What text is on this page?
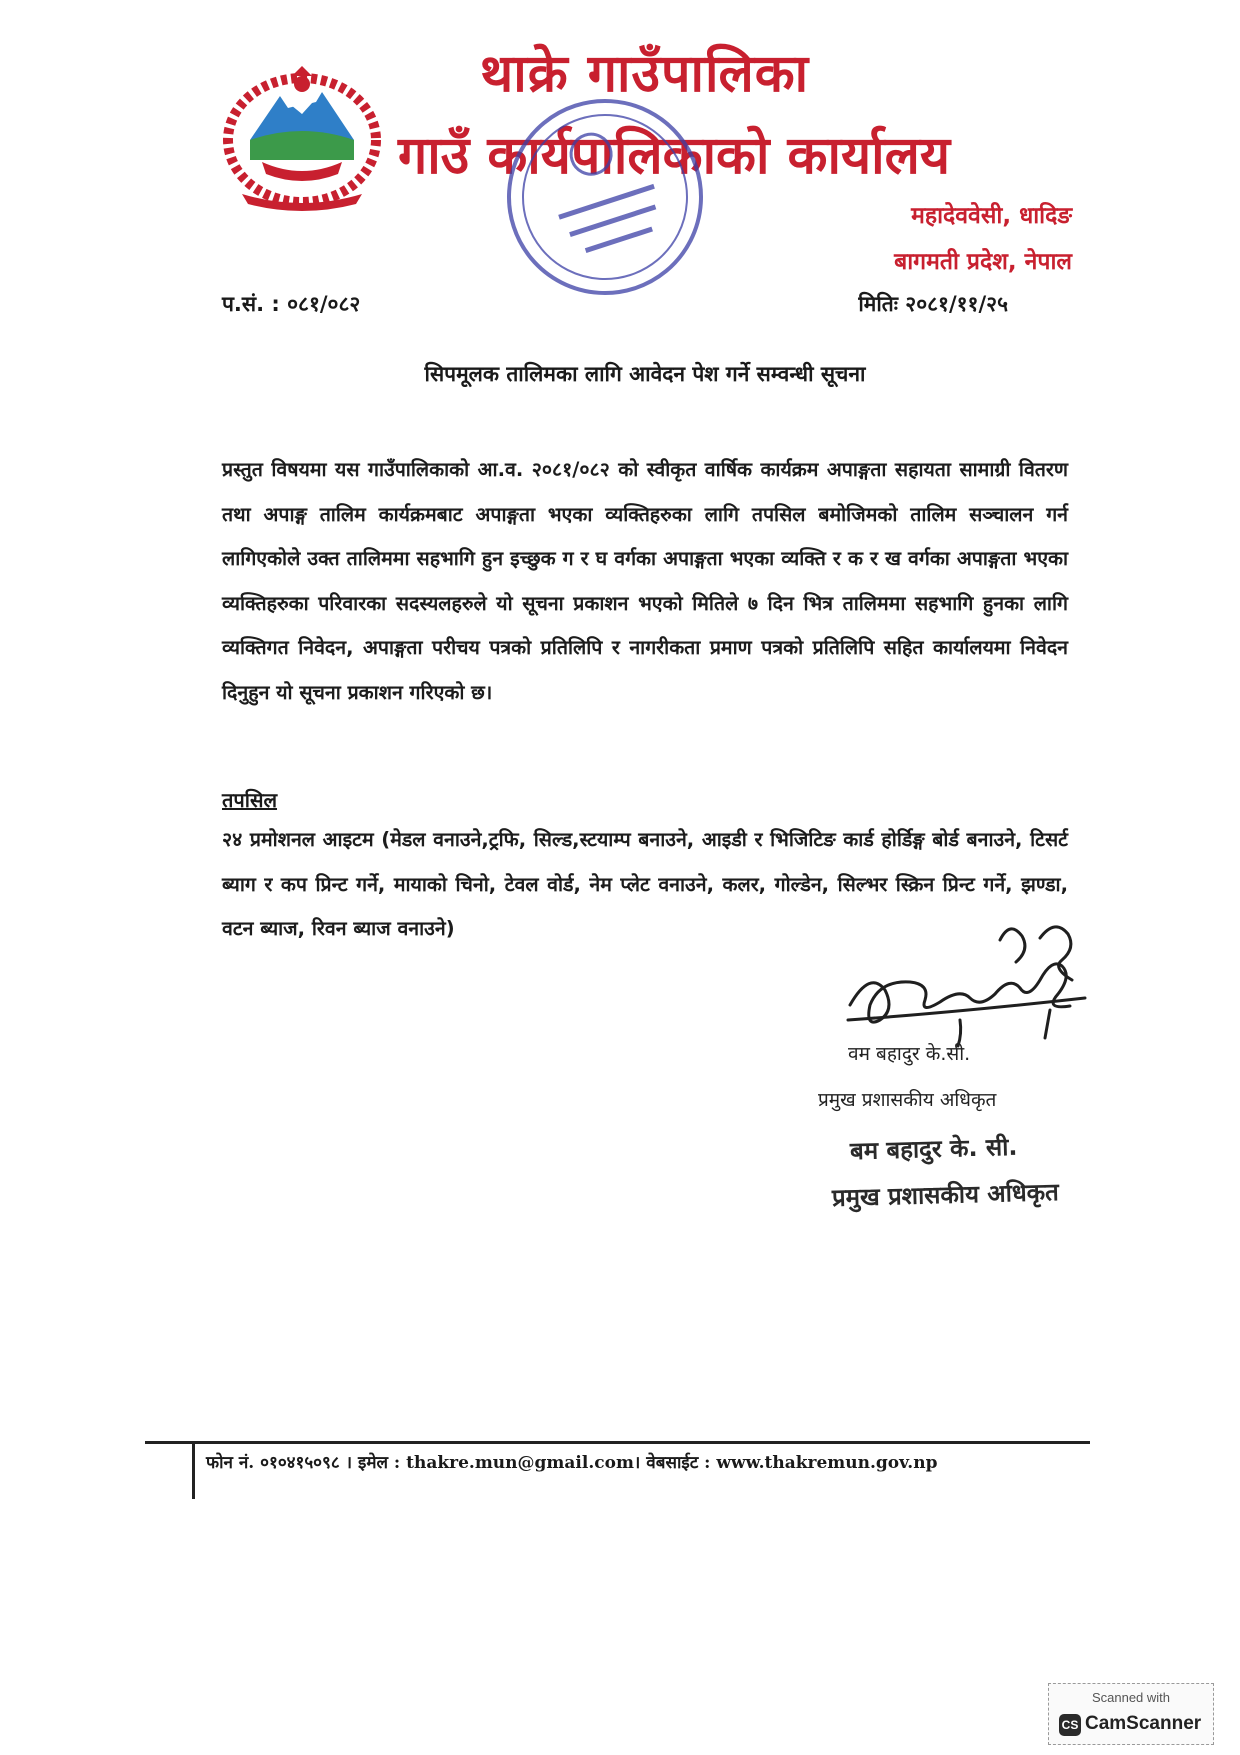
थाक्रे गाउँपालिका
गाउँ कार्यपालिकाको कार्यालय
महादेववेसी, धादिङ
बागमती प्रदेश, नेपाल
प.सं. : ०८१/०८२	मितिः २०८१/११/२५
सिपमूलक तालिमका लागि आवेदन पेश गर्ने सम्वन्धी सूचना
प्रस्तुत विषयमा यस गाउँपालिकाको आ.व. २०८१/०८२ को स्वीकृत वार्षिक कार्यक्रम अपाङ्गता सहायता सामाग्री वितरण तथा अपाङ्ग तालिम कार्यक्रमबाट अपाङ्गता भएका व्यक्तिहरुका लागि तपसिल बमोजिमको तालिम सञ्चालन गर्न लागिएकोले उक्त तालिममा सहभागि हुन इच्छुक ग र घ वर्गका अपाङ्गता भएका व्यक्ति र क र ख वर्गका अपाङ्गता भएका व्यक्तिहरुका परिवारका सदस्यलहरुले यो सूचना प्रकाशन भएको मितिले ७ दिन भित्र तालिममा सहभागि हुनका लागि व्यक्तिगत निवेदन, अपाङ्गता परीचय पत्रको प्रतिलिपि र नागरीकता प्रमाण पत्रको प्रतिलिपि सहित कार्यालयमा निवेदन दिनुहुन यो सूचना प्रकाशन गरिएको छ।
तपसिल
२४ प्रमोशनल आइटम (मेडल वनाउने,ट्रफि, सिल्ड,स्टयाम्प बनाउने, आइडी र भिजिटिङ कार्ड होर्डिङ्ग बोर्ड बनाउने, टिसर्ट ब्याग र कप प्रिन्ट गर्ने, मायाको चिनो, टेवल वोर्ड, नेम प्लेट वनाउने, कलर, गोल्डेन, सिल्भर स्क्रिन प्रिन्ट गर्ने, झण्डा, वटन ब्याज, रिवन ब्याज वनाउने)
वम बहादुर के.सी.
प्रमुख प्रशासकीय अधिकृत
बम बहादुर के. सी.
प्रमुख प्रशासकीय अधिकृत
फोन नं. ०१०४१५०९८ । इमेल : thakre.mun@gmail.com। वेबसाईट : www.thakremun.gov.np
Scanned with
CS CamScanner
